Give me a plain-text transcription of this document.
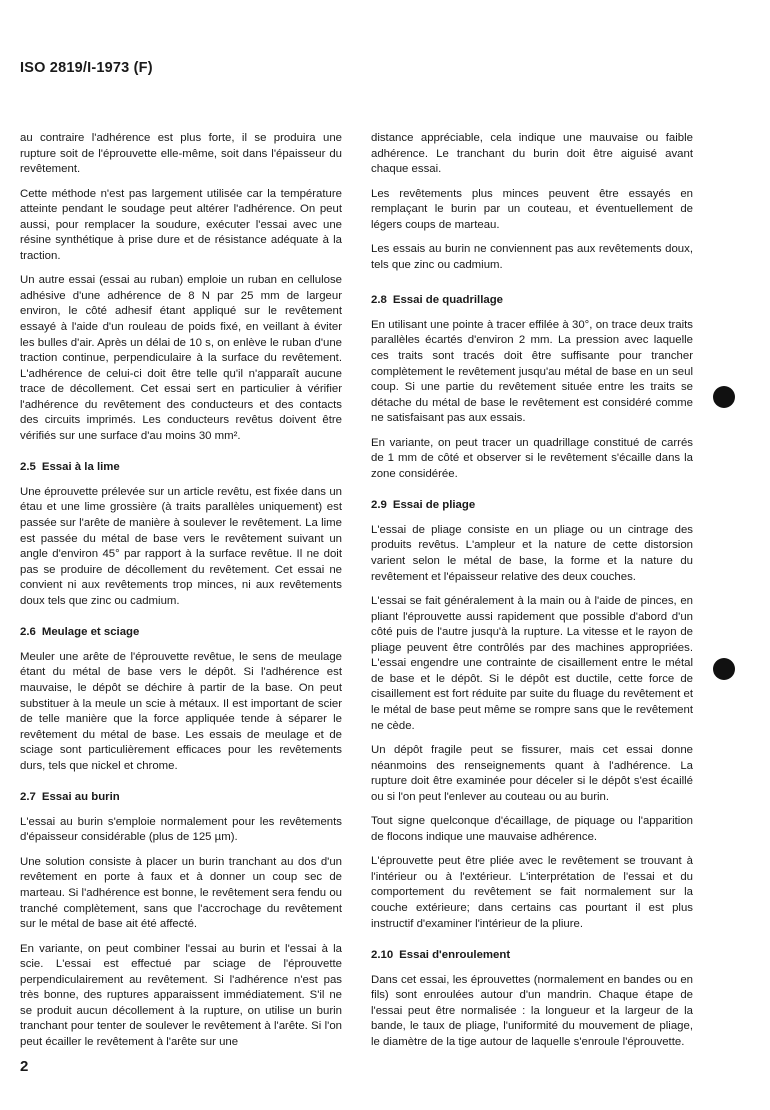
ISO 2819/I-1973 (F)

au contraire l'adhérence est plus forte, il se produira une rupture soit de l'éprouvette elle-même, soit dans l'épaisseur du revêtement.

Cette méthode n'est pas largement utilisée car la température atteinte pendant le soudage peut altérer l'adhérence. On peut aussi, pour remplacer la soudure, exécuter l'essai avec une résine synthétique à prise dure et de résistance adéquate à la traction.

Un autre essai (essai au ruban) emploie un ruban en cellulose adhésive d'une adhérence de 8 N par 25 mm de largeur environ, le côté adhesif étant appliqué sur le revêtement essayé à l'aide d'un rouleau de poids fixé, en veillant à éviter les bulles d'air. Après un délai de 10 s, on enlève le ruban d'une traction continue, perpendiculaire à la surface du revêtement. L'adhérence de celui-ci doit être telle qu'il n'apparaît aucune trace de décollement. Cet essai sert en particulier à vérifier l'adhérence du revêtement des conducteurs et des contacts des circuits imprimés. Les conducteurs revêtus doivent être vérifiés sur une surface d'au moins 30 mm².

2.5 Essai à la lime

Une éprouvette prélevée sur un article revêtu, est fixée dans un étau et une lime grossière (à traits parallèles uniquement) est passée sur l'arête de manière à soulever le revêtement. La lime est passée du métal de base vers le revêtement suivant un angle d'environ 45° par rapport à la surface revêtue. Il ne doit pas se produire de décollement du revêtement. Cet essai ne convient ni aux revêtements trop minces, ni aux revêtements doux tels que zinc ou cadmium.

2.6 Meulage et sciage

Meuler une arête de l'éprouvette revêtue, le sens de meulage étant du métal de base vers le dépôt. Si l'adhérence est mauvaise, le dépôt se déchire à partir de la base. On peut substituer à la meule un scie à métaux. Il est important de scier de telle manière que la force appliquée tende à séparer le revêtement du métal de base. Les essais de meulage et de sciage sont particulièrement efficaces pour les revêtements durs, tels que nickel et chrome.

2.7 Essai au burin

L'essai au burin s'emploie normalement pour les revêtements d'épaisseur considérable (plus de 125 µm).

Une solution consiste à placer un burin tranchant au dos d'un revêtement en porte à faux et à donner un coup sec de marteau. Si l'adhérence est bonne, le revêtement sera fendu ou tranché complètement, sans que l'accrochage du revêtement sur le métal de base ait été affecté.

En variante, on peut combiner l'essai au burin et l'essai à la scie. L'essai est effectué par sciage de l'éprouvette perpendiculairement au revêtement. Si l'adhérence n'est pas très bonne, des ruptures apparaissent immédiatement. S'il ne se produit aucun décollement à la rupture, on utilise un burin tranchant pour tenter de soulever le revêtement à l'arête. Si l'on peut écailler le revêtement à l'arête sur une

distance appréciable, cela indique une mauvaise ou faible adhérence. Le tranchant du burin doit être aiguisé avant chaque essai.

Les revêtements plus minces peuvent être essayés en remplaçant le burin par un couteau, et éventuellement de légers coups de marteau.

Les essais au burin ne conviennent pas aux revêtements doux, tels que zinc ou cadmium.

2.8 Essai de quadrillage

En utilisant une pointe à tracer effilée à 30°, on trace deux traits parallèles écartés d'environ 2 mm. La pression avec laquelle ces traits sont tracés doit être suffisante pour trancher complètement le revêtement jusqu'au métal de base en un seul coup. Si une partie du revêtement située entre les traits se détache du métal de base le revêtement est considéré comme ne satisfaisant pas aux essais.

En variante, on peut tracer un quadrillage constitué de carrés de 1 mm de côté et observer si le revêtement s'écaille dans la zone considérée.

2.9 Essai de pliage

L'essai de pliage consiste en un pliage ou un cintrage des produits revêtus. L'ampleur et la nature de cette distorsion varient selon le métal de base, la forme et la nature du revêtement et l'épaisseur relative des deux couches.

L'essai se fait généralement à la main ou à l'aide de pinces, en pliant l'éprouvette aussi rapidement que possible d'abord d'un côté puis de l'autre jusqu'à la rupture. La vitesse et le rayon de pliage peuvent être contrôlés par des machines appropriées. L'essai engendre une contrainte de cisaillement entre le métal de base et le dépôt. Si le dépôt est ductile, cette force de cisaillement est fort réduite par suite du fluage du revêtement et le métal de base peut même se rompre sans que le revêtement ne cède.

Un dépôt fragile peut se fissurer, mais cet essai donne néanmoins des renseignements quant à l'adhérence. La rupture doit être examinée pour déceler si le dépôt s'est écaillé ou si l'on peut l'enlever au couteau ou au burin.

Tout signe quelconque d'écaillage, de piquage ou l'apparition de flocons indique une mauvaise adhérence.

L'éprouvette peut être pliée avec le revêtement se trouvant à l'intérieur ou à l'extérieur. L'interprétation de l'essai et du comportement du revêtement se fait normalement sur la couche extérieure; dans certains cas pourtant il est plus instructif d'examiner l'intérieur de la pliure.

2.10 Essai d'enroulement

Dans cet essai, les éprouvettes (normalement en bandes ou en fils) sont enroulées autour d'un mandrin. Chaque étape de l'essai peut être normalisée : la longueur et la largeur de la bande, le taux de pliage, l'uniformité du mouvement de pliage, le diamètre de la tige autour de laquelle s'enroule l'éprouvette.

2
